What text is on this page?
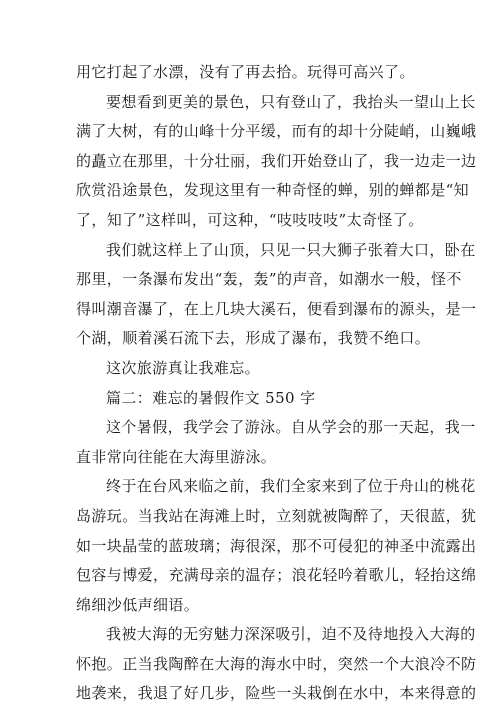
用它打起了水漂，没有了再去拾。玩得可高兴了。
要想看到更美的景色，只有登山了，我抬头一望山上长
满了大树，有的山峰十分平缓，而有的却十分陡峭，山巍峨
的矗立在那里，十分壮丽，我们开始登山了，我一边走一边
欣赏沿途景色，发现这里有一种奇怪的蝉，别的蝉都是“知
了，知了”这样叫，可这种，“吱吱吱吱”太奇怪了。
我们就这样上了山顶，只见一只大狮子张着大口，卧在
那里，一条瀑布发出“轰，轰”的声音，如潮水一般，怪不
得叫潮音瀑了，在上几块大溪石，便看到瀑布的源头，是一
个湖，顺着溪石流下去，形成了瀑布，我赞不绝口。
这次旅游真让我难忘。
篇二：难忘的暑假作文 550 字
这个暑假，我学会了游泳。自从学会的那一天起，我一
直非常向往能在大海里游泳。
终于在台风来临之前，我们全家来到了位于舟山的桃花
岛游玩。当我站在海滩上时，立刻就被陶醉了，天很蓝，犹
如一块晶莹的蓝玻璃；海很深，那不可侵犯的神圣中流露出
包容与博爱，充满母亲的温存；浪花轻吟着歌儿，轻抬这绵
绵细沙低声细语。
我被大海的无穷魅力深深吸引，迫不及待地投入大海的
怀抱。正当我陶醉在大海的海水中时，突然一个大浪冷不防
地袭来，我退了好几步，险些一头栽倒在水中，本来得意的
